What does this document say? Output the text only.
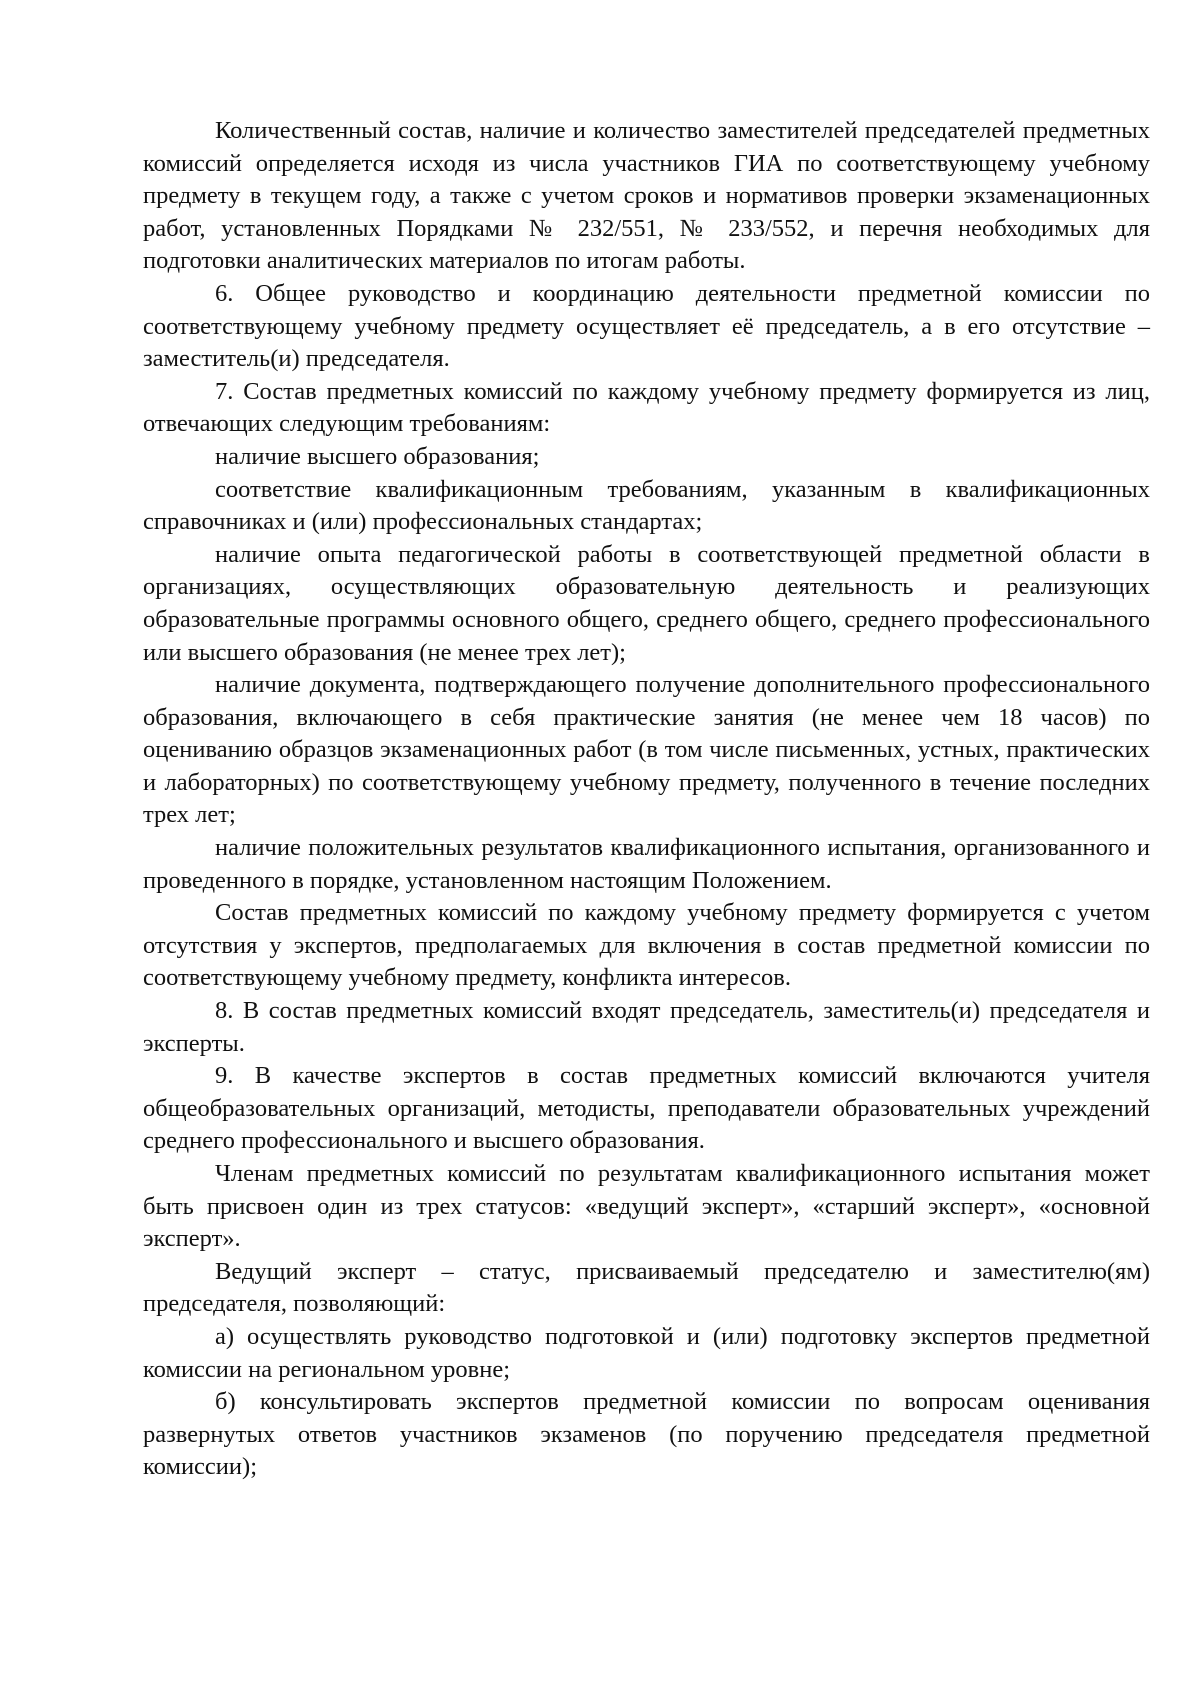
Количественный состав, наличие и количество заместителей председателей предметных комиссий определяется исходя из числа участников ГИА по соответствующему учебному предмету в текущем году, а также с учетом сроков и нормативов проверки экзаменационных работ, установленных Порядками № 232/551, № 233/552, и перечня необходимых для подготовки аналитических материалов по итогам работы.

6. Общее руководство и координацию деятельности предметной комиссии по соответствующему учебному предмету осуществляет её председатель, а в его отсутствие – заместитель(и) председателя.

7. Состав предметных комиссий по каждому учебному предмету формируется из лиц, отвечающих следующим требованиям:

наличие высшего образования;

соответствие квалификационным требованиям, указанным в квалификационных справочниках и (или) профессиональных стандартах;

наличие опыта педагогической работы в соответствующей предметной области в организациях, осуществляющих образовательную деятельность и реализующих образовательные программы основного общего, среднего общего, среднего профессионального или высшего образования (не менее трех лет);

наличие документа, подтверждающего получение дополнительного профессионального образования, включающего в себя практические занятия (не менее чем 18 часов) по оцениванию образцов экзаменационных работ (в том числе письменных, устных, практических и лабораторных) по соответствующему учебному предмету, полученного в течение последних трех лет;

наличие положительных результатов квалификационного испытания, организованного и проведенного в порядке, установленном настоящим Положением.

Состав предметных комиссий по каждому учебному предмету формируется с учетом отсутствия у экспертов, предполагаемых для включения в состав предметной комиссии по соответствующему учебному предмету, конфликта интересов.

8. В состав предметных комиссий входят председатель, заместитель(и) председателя и эксперты.

9. В качестве экспертов в состав предметных комиссий включаются учителя общеобразовательных организаций, методисты, преподаватели образовательных учреждений среднего профессионального и высшего образования.

Членам предметных комиссий по результатам квалификационного испытания может быть присвоен один из трех статусов: «ведущий эксперт», «старший эксперт», «основной эксперт».

Ведущий эксперт – статус, присваиваемый председателю и заместителю(ям) председателя, позволяющий:

а) осуществлять руководство подготовкой и (или) подготовку экспертов предметной комиссии на региональном уровне;

б) консультировать экспертов предметной комиссии по вопросам оценивания развернутых ответов участников экзаменов (по поручению председателя предметной комиссии);
